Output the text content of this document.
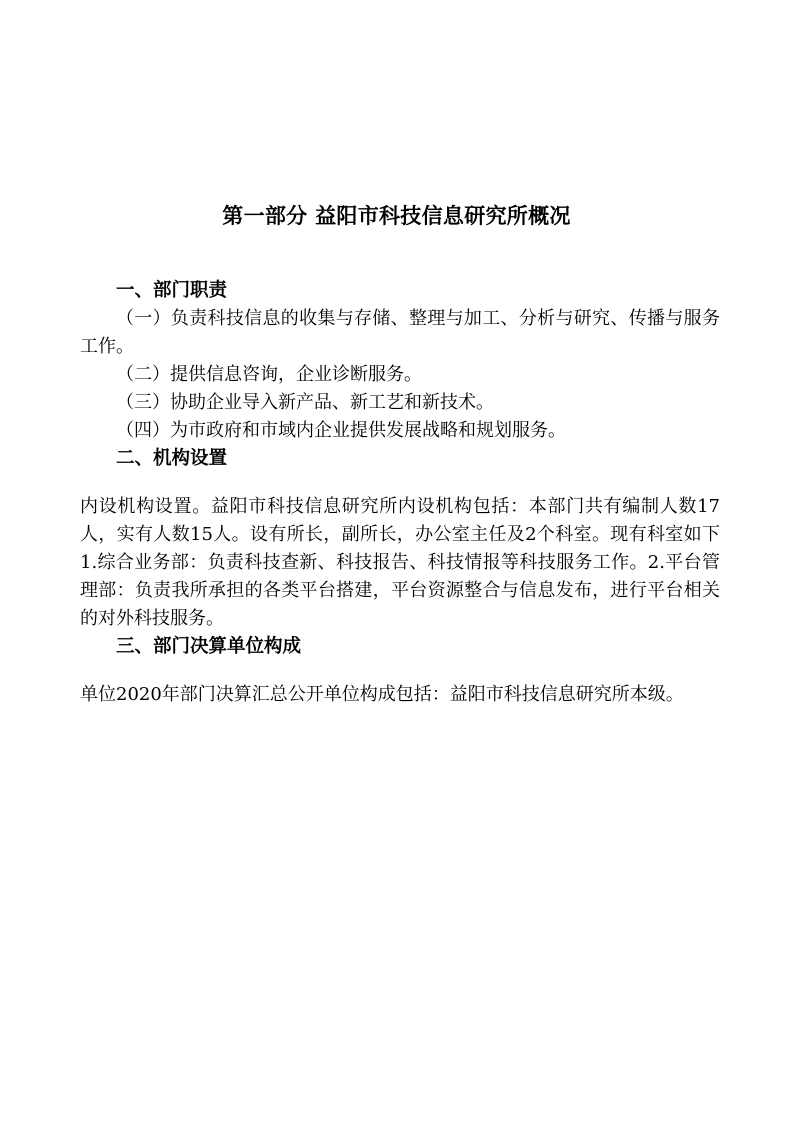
第一部分 益阳市科技信息研究所概况

一、部门职责

（一）负责科技信息的收集与存储、整理与加工、分析与研究、传播与服务工作。

（二）提供信息咨询，企业诊断服务。

（三）协助企业导入新产品、新工艺和新技术。

（四）为市政府和市域内企业提供发展战略和规划服务。

二、机构设置

内设机构设置。益阳市科技信息研究所内设机构包括：本部门共有编制人数17人，实有人数15人。设有所长，副所长，办公室主任及2个科室。现有科室如下1.综合业务部：负责科技查新、科技报告、科技情报等科技服务工作。2.平台管理部：负责我所承担的各类平台搭建，平台资源整合与信息发布，进行平台相关的对外科技服务。

三、部门决算单位构成

单位2020年部门决算汇总公开单位构成包括：益阳市科技信息研究所本级。
